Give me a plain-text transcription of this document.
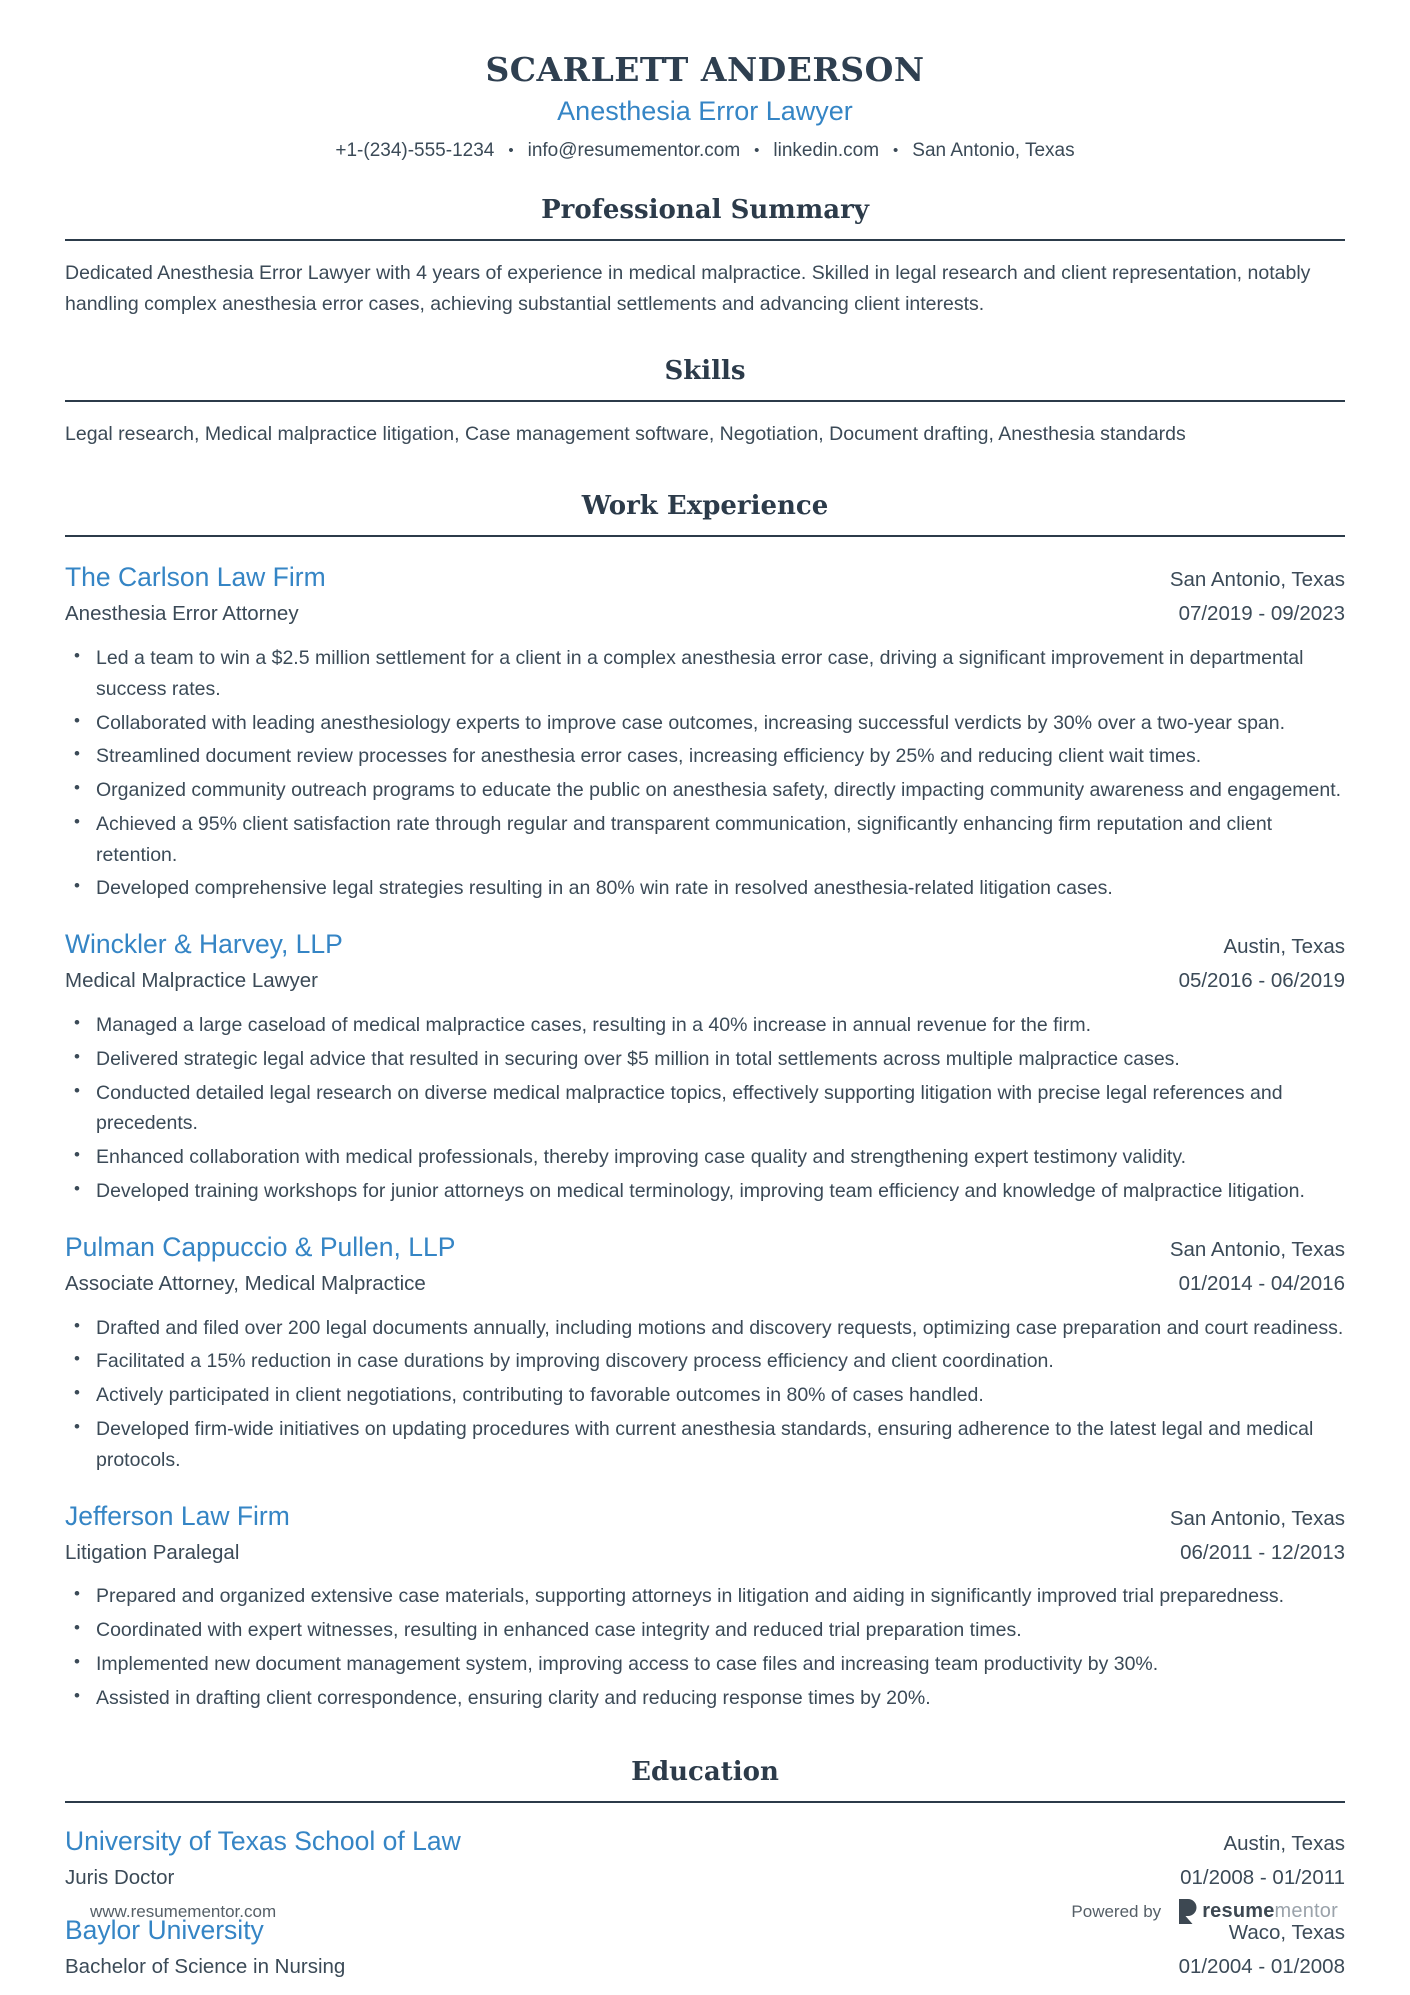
SCARLETT ANDERSON
Anesthesia Error Lawyer
+1-(234)-555-1234 • info@resumementor.com • linkedin.com • San Antonio, Texas
Professional Summary

Dedicated Anesthesia Error Lawyer with 4 years of experience in medical malpractice. Skilled in legal research and client representation, notably handling complex anesthesia error cases, achieving substantial settlements and advancing client interests.

Skills

Legal research, Medical malpractice litigation, Case management software, Negotiation, Document drafting, Anesthesia standards

Work Experience
The Carlson Law Firm	San Antonio, Texas
Anesthesia Error Attorney	07/2019 - 09/2023
• Led a team to win a $2.5 million settlement for a client in a complex anesthesia error case, driving a significant improvement in departmental success rates.
• Collaborated with leading anesthesiology experts to improve case outcomes, increasing successful verdicts by 30% over a two-year span.
• Streamlined document review processes for anesthesia error cases, increasing efficiency by 25% and reducing client wait times.
• Organized community outreach programs to educate the public on anesthesia safety, directly impacting community awareness and engagement.
• Achieved a 95% client satisfaction rate through regular and transparent communication, significantly enhancing firm reputation and client retention.
• Developed comprehensive legal strategies resulting in an 80% win rate in resolved anesthesia-related litigation cases.
Winckler & Harvey, LLP	Austin, Texas
Medical Malpractice Lawyer	05/2016 - 06/2019
• Managed a large caseload of medical malpractice cases, resulting in a 40% increase in annual revenue for the firm.
• Delivered strategic legal advice that resulted in securing over $5 million in total settlements across multiple malpractice cases.
• Conducted detailed legal research on diverse medical malpractice topics, effectively supporting litigation with precise legal references and precedents.
• Enhanced collaboration with medical professionals, thereby improving case quality and strengthening expert testimony validity.
• Developed training workshops for junior attorneys on medical terminology, improving team efficiency and knowledge of malpractice litigation.
Pulman Cappuccio & Pullen, LLP	San Antonio, Texas
Associate Attorney, Medical Malpractice	01/2014 - 04/2016
• Drafted and filed over 200 legal documents annually, including motions and discovery requests, optimizing case preparation and court readiness.
• Facilitated a 15% reduction in case durations by improving discovery process efficiency and client coordination.
• Actively participated in client negotiations, contributing to favorable outcomes in 80% of cases handled.
• Developed firm-wide initiatives on updating procedures with current anesthesia standards, ensuring adherence to the latest legal and medical protocols.
Jefferson Law Firm	San Antonio, Texas
Litigation Paralegal	06/2011 - 12/2013
• Prepared and organized extensive case materials, supporting attorneys in litigation and aiding in significantly improved trial preparedness.
• Coordinated with expert witnesses, resulting in enhanced case integrity and reduced trial preparation times.
• Implemented new document management system, improving access to case files and increasing team productivity by 30%.
• Assisted in drafting client correspondence, ensuring clarity and reducing response times by 20%.
Education
University of Texas School of Law	Austin, Texas
Juris Doctor	01/2008 - 01/2011
Baylor University	Waco, Texas
Bachelor of Science in Nursing	01/2004 - 01/2008
www.resumementor.com	Powered by resumementor
